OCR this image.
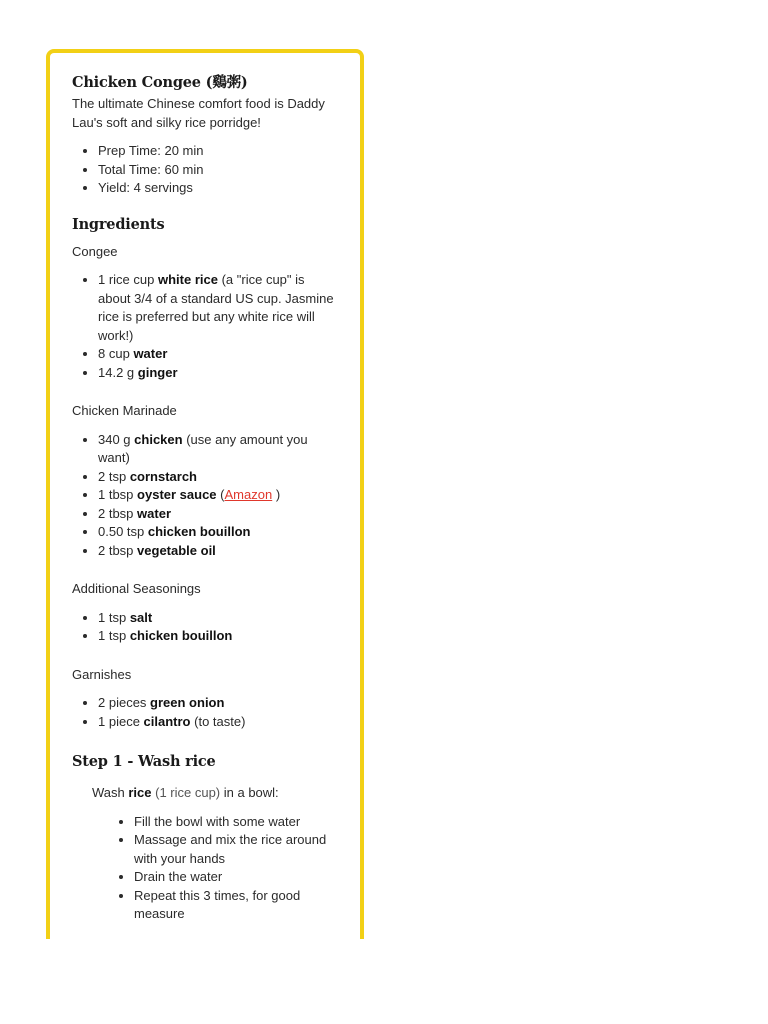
Chicken Congee (鷄粥)

The ultimate Chinese comfort food is Daddy Lau's soft and silky rice porridge!

• Prep Time: 20 min
• Total Time: 60 min
• Yield: 4 servings
Ingredients

Congee

• 1 rice cup white rice (a "rice cup" is about 3/4 of a standard US cup. Jasmine rice is preferred but any white rice will work!)
• 8 cup water
• 14.2 g ginger

Chicken Marinade

• 340 g chicken (use any amount you want)
• 2 tsp cornstarch
• 1 tbsp oyster sauce (Amazon )
• 2 tbsp water
• 0.50 tsp chicken bouillon
• 2 tbsp vegetable oil

Additional Seasonings

• 1 tsp salt
• 1 tsp chicken bouillon

Garnishes

• 2 pieces green onion
• 1 piece cilantro (to taste)
Step 1 - Wash rice

Wash rice (1 rice cup) in a bowl:

• Fill the bowl with some water
• Massage and mix the rice around with your hands
• Drain the water
• Repeat this 3 times, for good measure
